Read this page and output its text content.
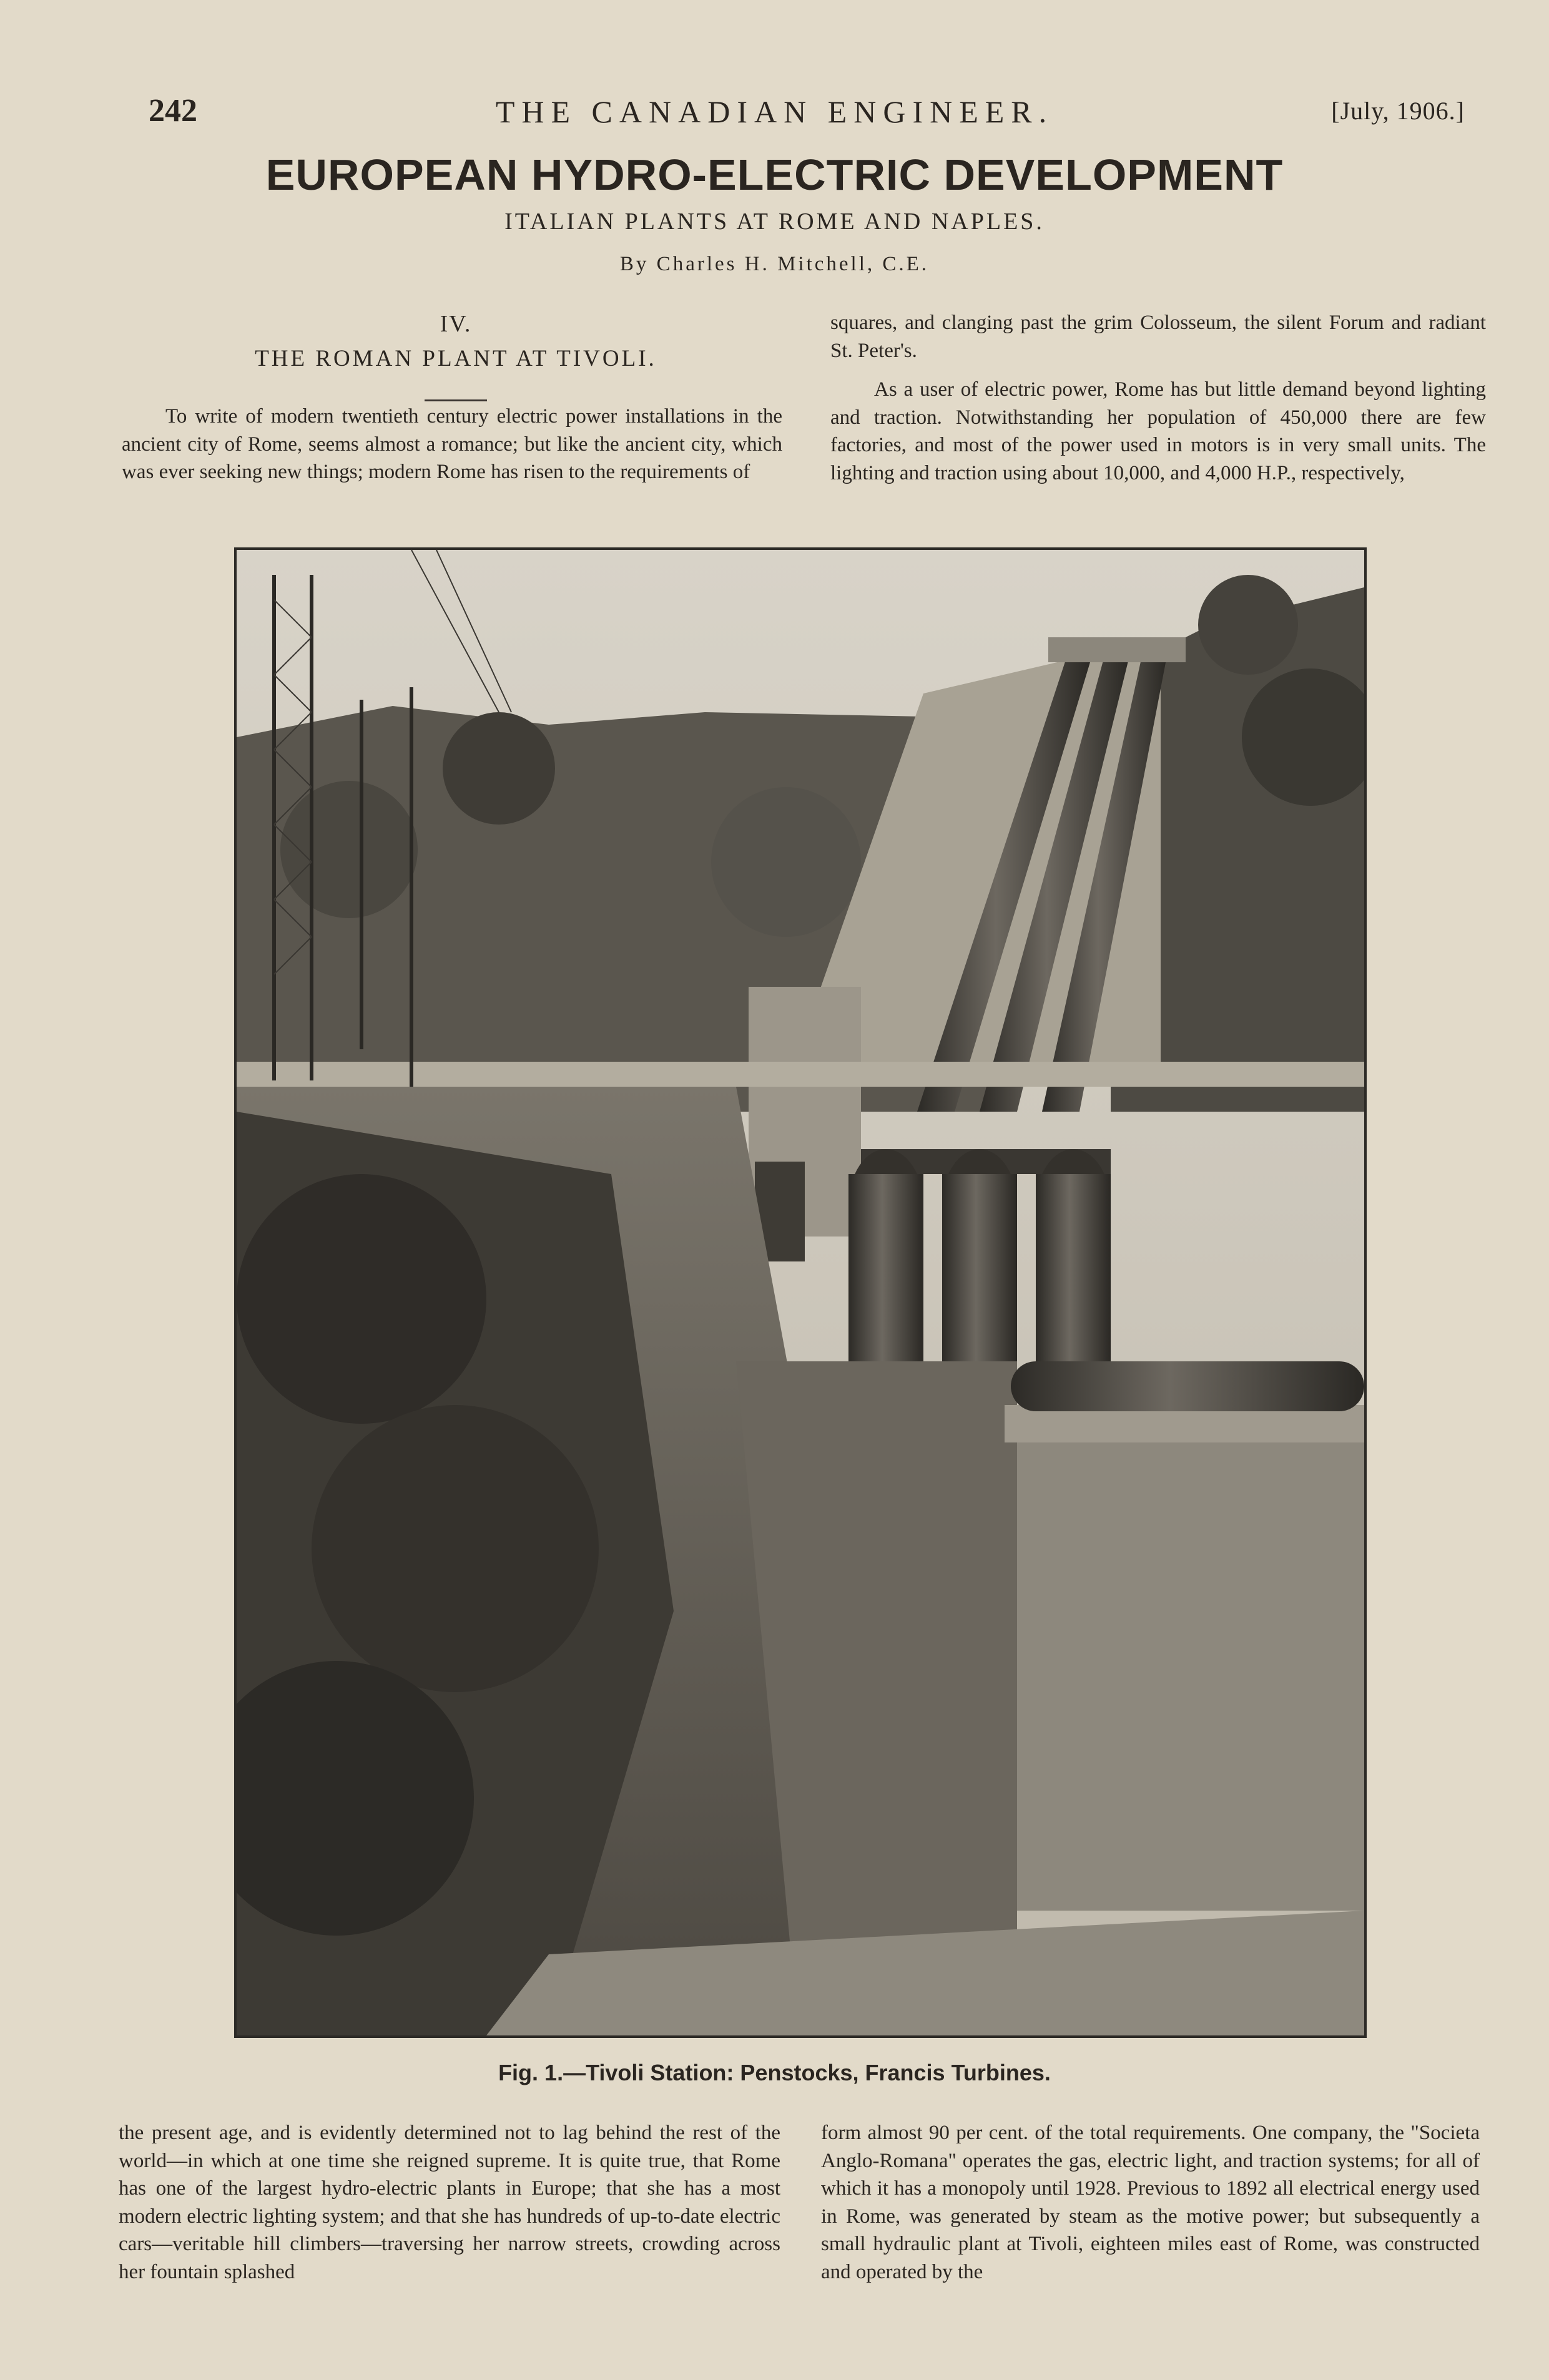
242	THE CANADIAN ENGINEER.	[July, 1906.]
EUROPEAN HYDRO-ELECTRIC DEVELOPMENT
ITALIAN PLANTS AT ROME AND NAPLES.
By Charles H. Mitchell, C.E.
IV.
THE ROMAN PLANT AT TIVOLI.

To write of modern twentieth century electric power installations in the ancient city of Rome, seems almost a romance; but like the ancient city, which was ever seeking new things; modern Rome has risen to the requirements of

squares, and clanging past the grim Colosseum, the silent Forum and radiant St. Peter's.

As a user of electric power, Rome has but little demand beyond lighting and traction. Notwithstanding her population of 450,000 there are few factories, and most of the power used in motors is in very small units. The lighting and traction using about 10,000, and 4,000 H.P., respectively,

Fig. 1.—Tivoli Station: Penstocks, Francis Turbines.

the present age, and is evidently determined not to lag behind the rest of the world—in which at one time she reigned supreme. It is quite true, that Rome has one of the largest hydro-electric plants in Europe; that she has a most modern electric lighting system; and that she has hundreds of up-to-date electric cars—veritable hill climbers—traversing her narrow streets, crowding across her fountain splashed

form almost 90 per cent. of the total requirements. One company, the "Societa Anglo-Romana" operates the gas, electric light, and traction systems; for all of which it has a monopoly until 1928. Previous to 1892 all electrical energy used in Rome, was generated by steam as the motive power; but subsequently a small hydraulic plant at Tivoli, eighteen miles east of Rome, was constructed and operated by the
